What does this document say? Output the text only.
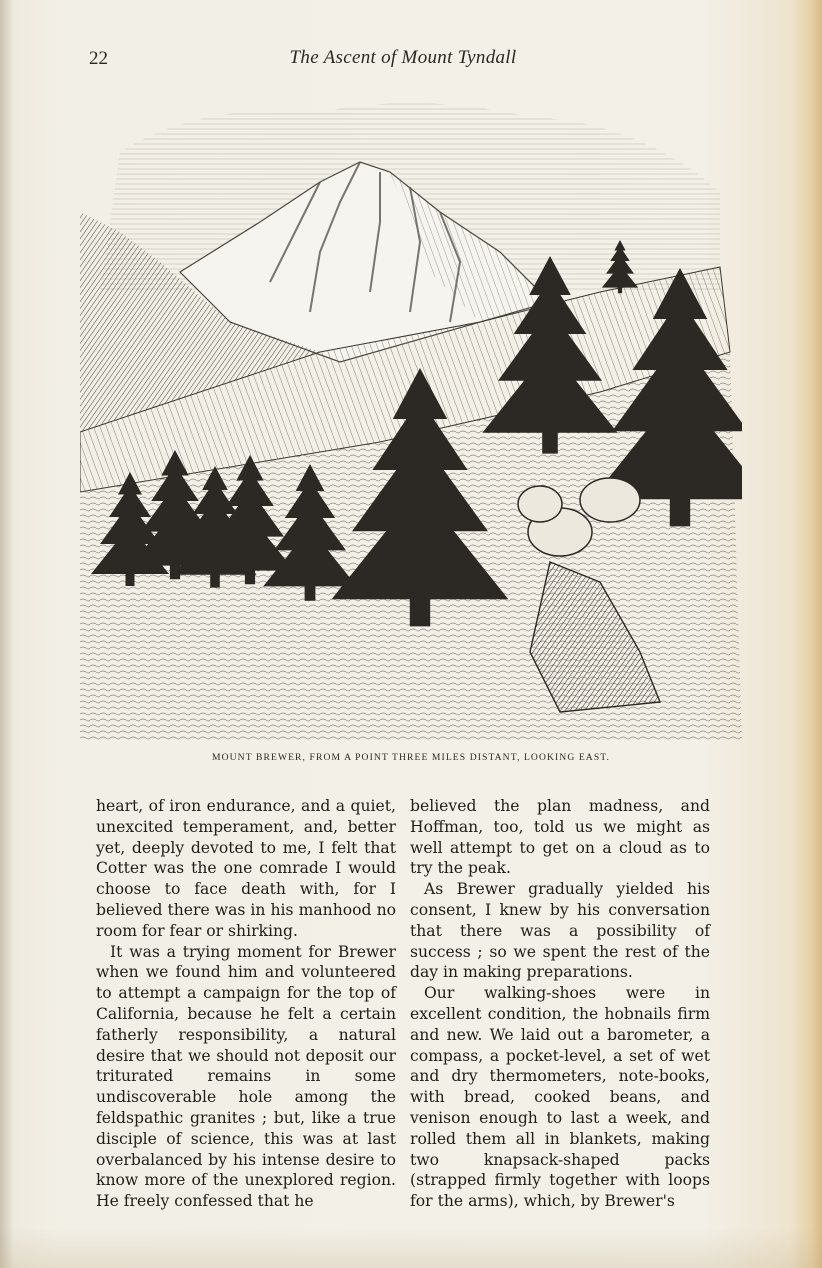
22	The Ascent of Mount Tyndall
MOUNT BREWER, FROM A POINT THREE MILES DISTANT, LOOKING EAST.

heart, of iron endurance, and a quiet, unexcited temperament, and, better yet, deeply devoted to me, I felt that Cotter was the one comrade I would choose to face death with, for I believed there was in his manhood no room for fear or shirking.

It was a trying moment for Brewer when we found him and volunteered to attempt a campaign for the top of California, because he felt a certain fatherly responsibility, a natural desire that we should not deposit our triturated remains in some undiscoverable hole among the feldspathic granites ; but, like a true disciple of science, this was at last overbalanced by his intense desire to know more of the unexplored region. He freely confessed that he

believed the plan madness, and Hoffman, too, told us we might as well attempt to get on a cloud as to try the peak.

As Brewer gradually yielded his consent, I knew by his conversation that there was a possibility of success ; so we spent the rest of the day in making preparations.

Our walking-shoes were in excellent condition, the hobnails firm and new. We laid out a barometer, a compass, a pocket-level, a set of wet and dry thermometers, note-books, with bread, cooked beans, and venison enough to last a week, and rolled them all in blankets, making two knapsack-shaped packs (strapped firmly together with loops for the arms), which, by Brewer's
